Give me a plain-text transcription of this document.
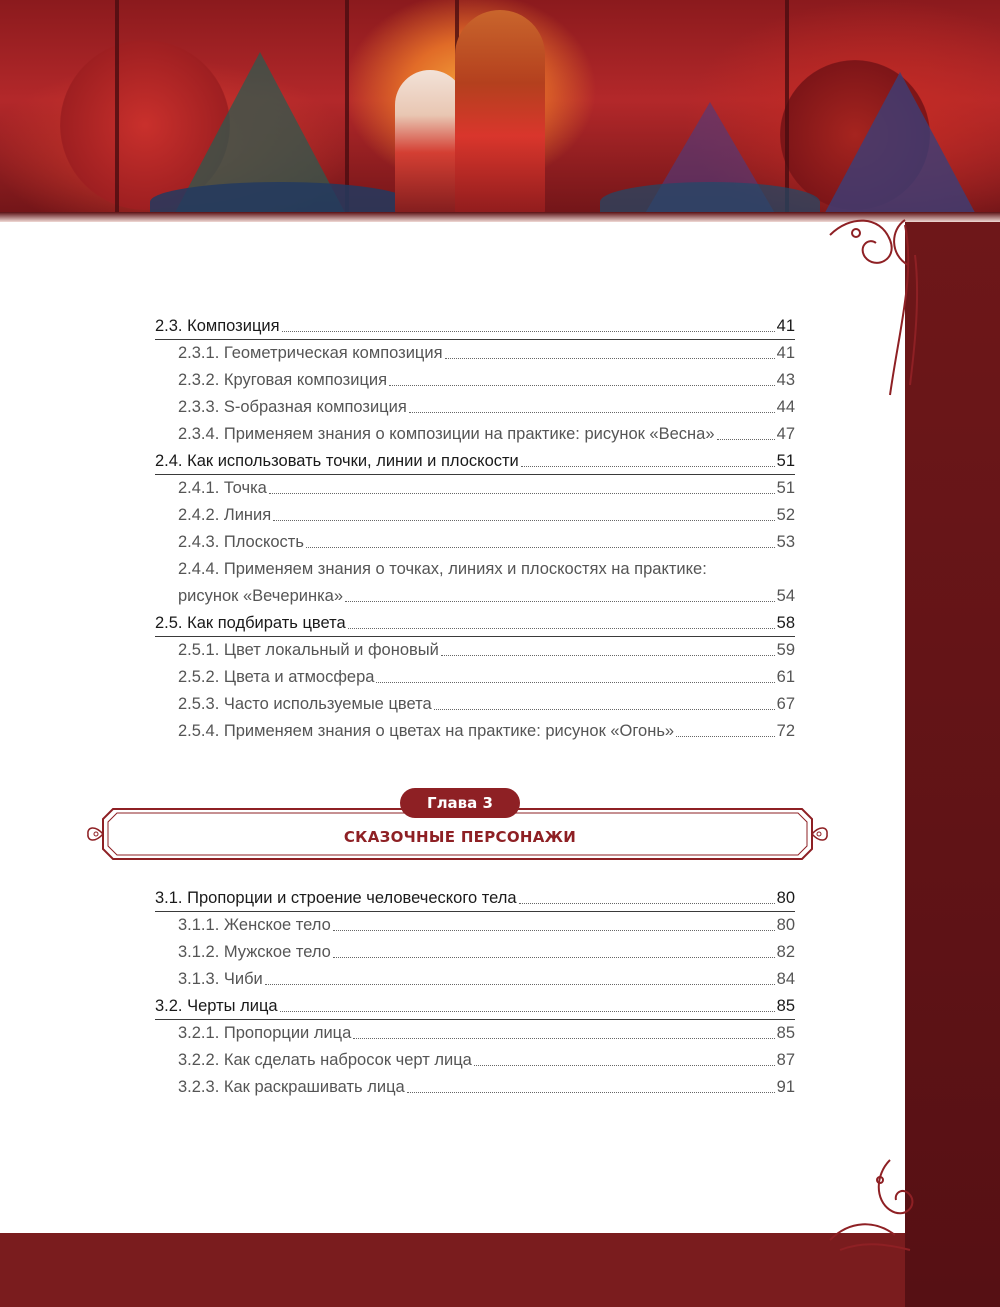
2.3. Композиция	41
2.3.1. Геометрическая композиция	41
2.3.2. Круговая композиция	43
2.3.3. S-образная композиция	44
2.3.4. Применяем знания о композиции на практике: рисунок «Весна»	47
2.4. Как использовать точки, линии и плоскости	51
2.4.1. Точка	51
2.4.2. Линия	52
2.4.3. Плоскость	53
2.4.4. Применяем знания о точках, линиях и плоскостях на практике:
рисунок «Вечеринка»	54
2.5. Как подбирать цвета	58
2.5.1. Цвет локальный и фоновый	59
2.5.2. Цвета и атмосфера	61
2.5.3. Часто используемые цвета	67
2.5.4. Применяем знания о цветах на практике: рисунок «Огонь»	72
Глава 3
СКАЗОЧНЫЕ ПЕРСОНАЖИ
3.1. Пропорции и строение человеческого тела	80
3.1.1. Женское тело	80
3.1.2. Мужское тело	82
3.1.3. Чиби	84
3.2. Черты лица	85
3.2.1. Пропорции лица	85
3.2.2. Как сделать набросок черт лица	87
3.2.3. Как раскрашивать лица	91
